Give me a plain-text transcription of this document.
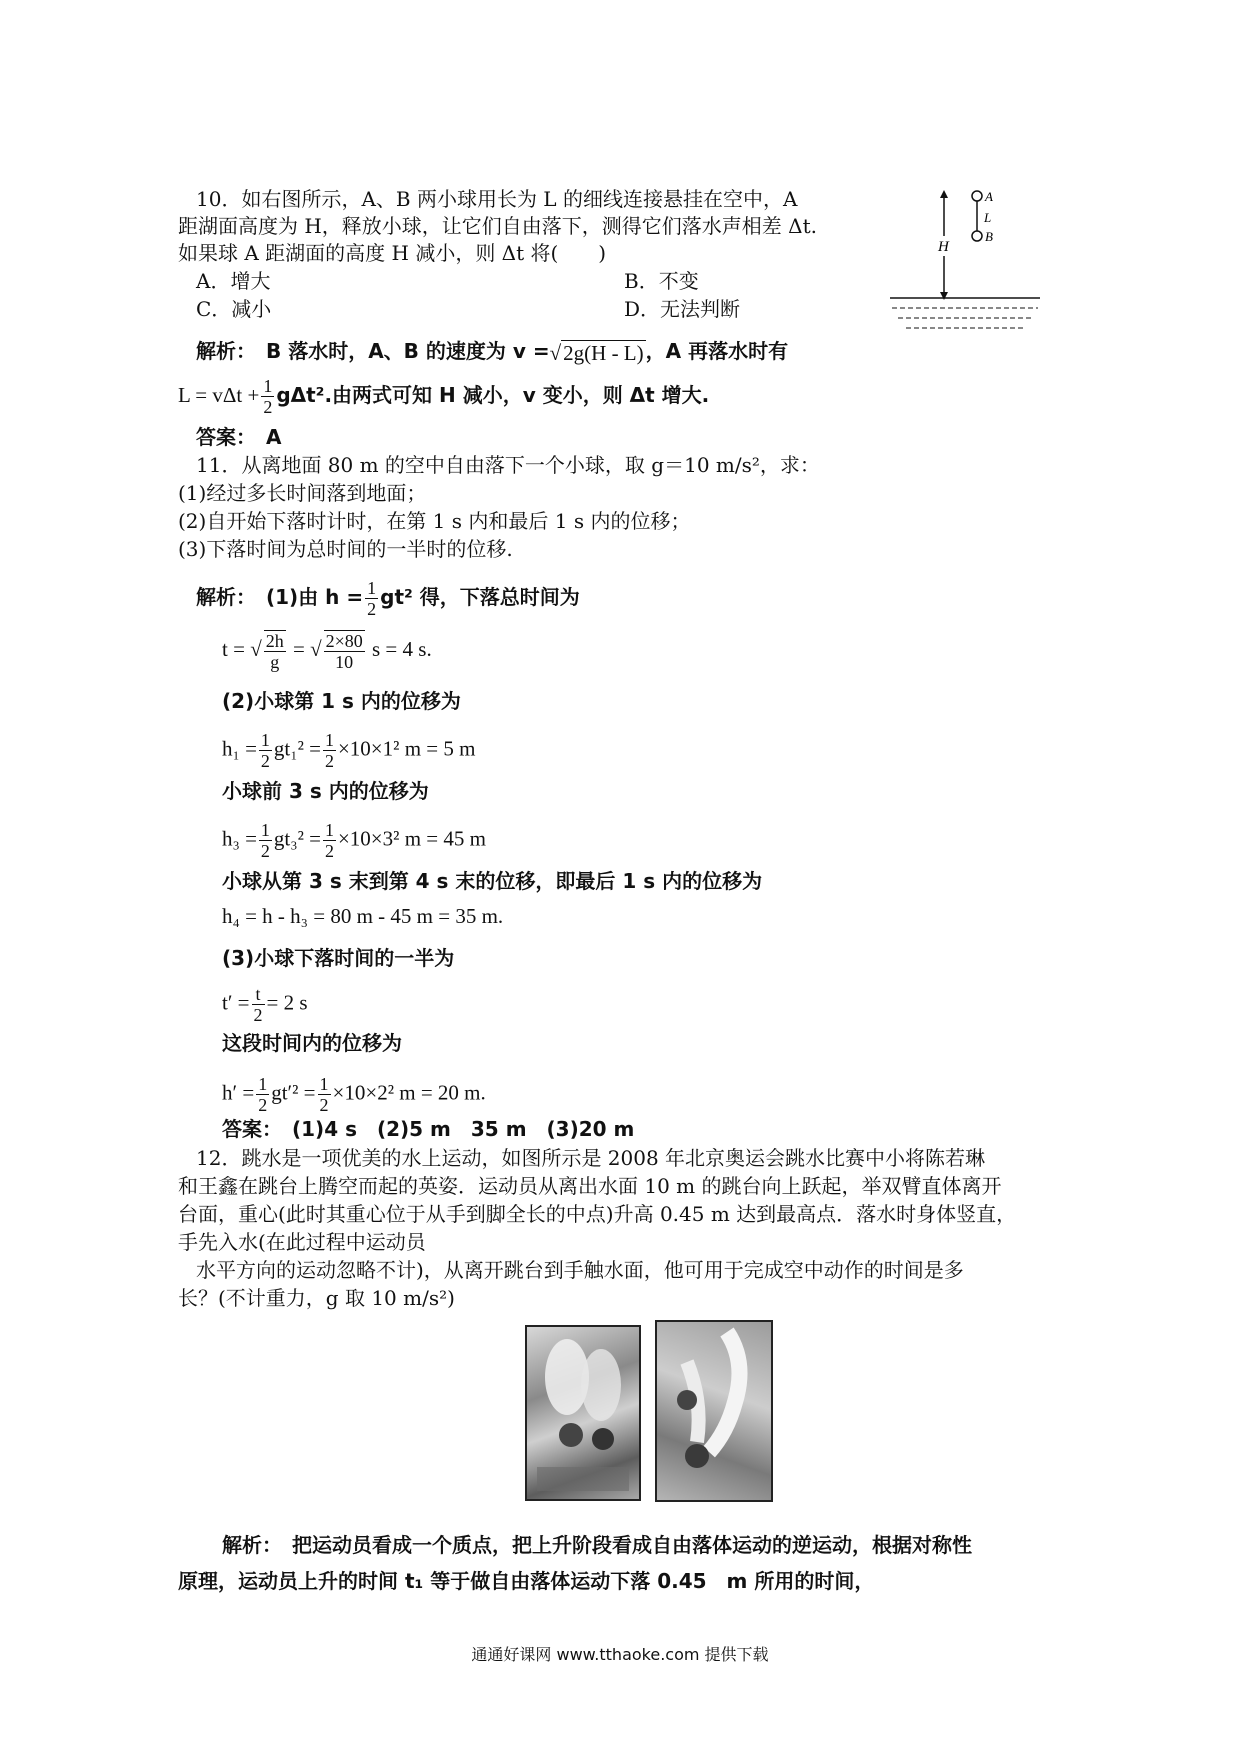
10．如右图所示，A、B 两小球用长为 L 的细线连接悬挂在空中，A
距湖面高度为 H，释放小球，让它们自由落下，测得它们落水声相差 Δt.
如果球 A 距湖面的高度 H 减小，则 Δt 将(　　)
A．增大	B．不变
C．减小	D．无法判断
H
A
B
L
解析：　B 落水时，A、B 的速度为 v =√2g(H - L) ，A 再落水时有
$L = v\Delta t + \frac{1}{2} g\Delta t^2$.由两式可知 H 减小，v 变小，则 Δt 增大.
答案：　A
11．从离地面 80 m 的空中自由落下一个小球，取 g＝10 m/s²，求：
(1)经过多长时间落到地面；
(2)自开始下落时计时，在第 1 s 内和最后 1 s 内的位移；
(3)下落时间为总时间的一半时的位移.
解析：　(1)由 $h = \frac{1}{2} gt^2$ 得，下落总时间为
t = √ $\frac{2h}{g}$ = √ $\frac{2\times 80}{10}$ s = 4 s.
(2)小球第 1 s 内的位移为
$h_1 = \frac{1}{2} gt_1^2 = \frac{1}{2} \times 10\times 1^2$ m = 5 m
小球前 3 s 内的位移为
$h_3 = \frac{1}{2} gt_3^2 = \frac{1}{2} \times 10\times 3^2$ m = 45 m
小球从第 3 s 末到第 4 s 末的位移，即最后 1 s 内的位移为
h₄ = h - h₃ = 80 m - 45 m = 35 m.
(3)小球下落时间的一半为
$t' = \frac{t}{2} = 2$ s
这段时间内的位移为
$h' = \frac{1}{2} gt'^2 = \frac{1}{2} \times 10\times 2^2$ m = 20 m.
答案：　(1)4 s　(2)5 m　35 m　(3)20 m
12．跳水是一项优美的水上运动，如图所示是 2008 年北京奥运会跳水比赛中小将陈若琳
和王鑫在跳台上腾空而起的英姿．运动员从离出水面 10 m 的跳台向上跃起，举双臂直体离开
台面，重心(此时其重心位于从手到脚全长的中点)升高 0.45 m 达到最高点．落水时身体竖直，
手先入水(在此过程中运动员
水平方向的运动忽略不计)，从离开跳台到手触水面，他可用于完成空中动作的时间是多
长？(不计重力，g 取 10 m/s²)
解析：　把运动员看成一个质点，把上升阶段看成自由落体运动的逆运动，根据对称性
原理，运动员上升的时间 t₁ 等于做自由落体运动下落 0.45　m 所用的时间，
通通好课网 www.tthaoke.com 提供下载
